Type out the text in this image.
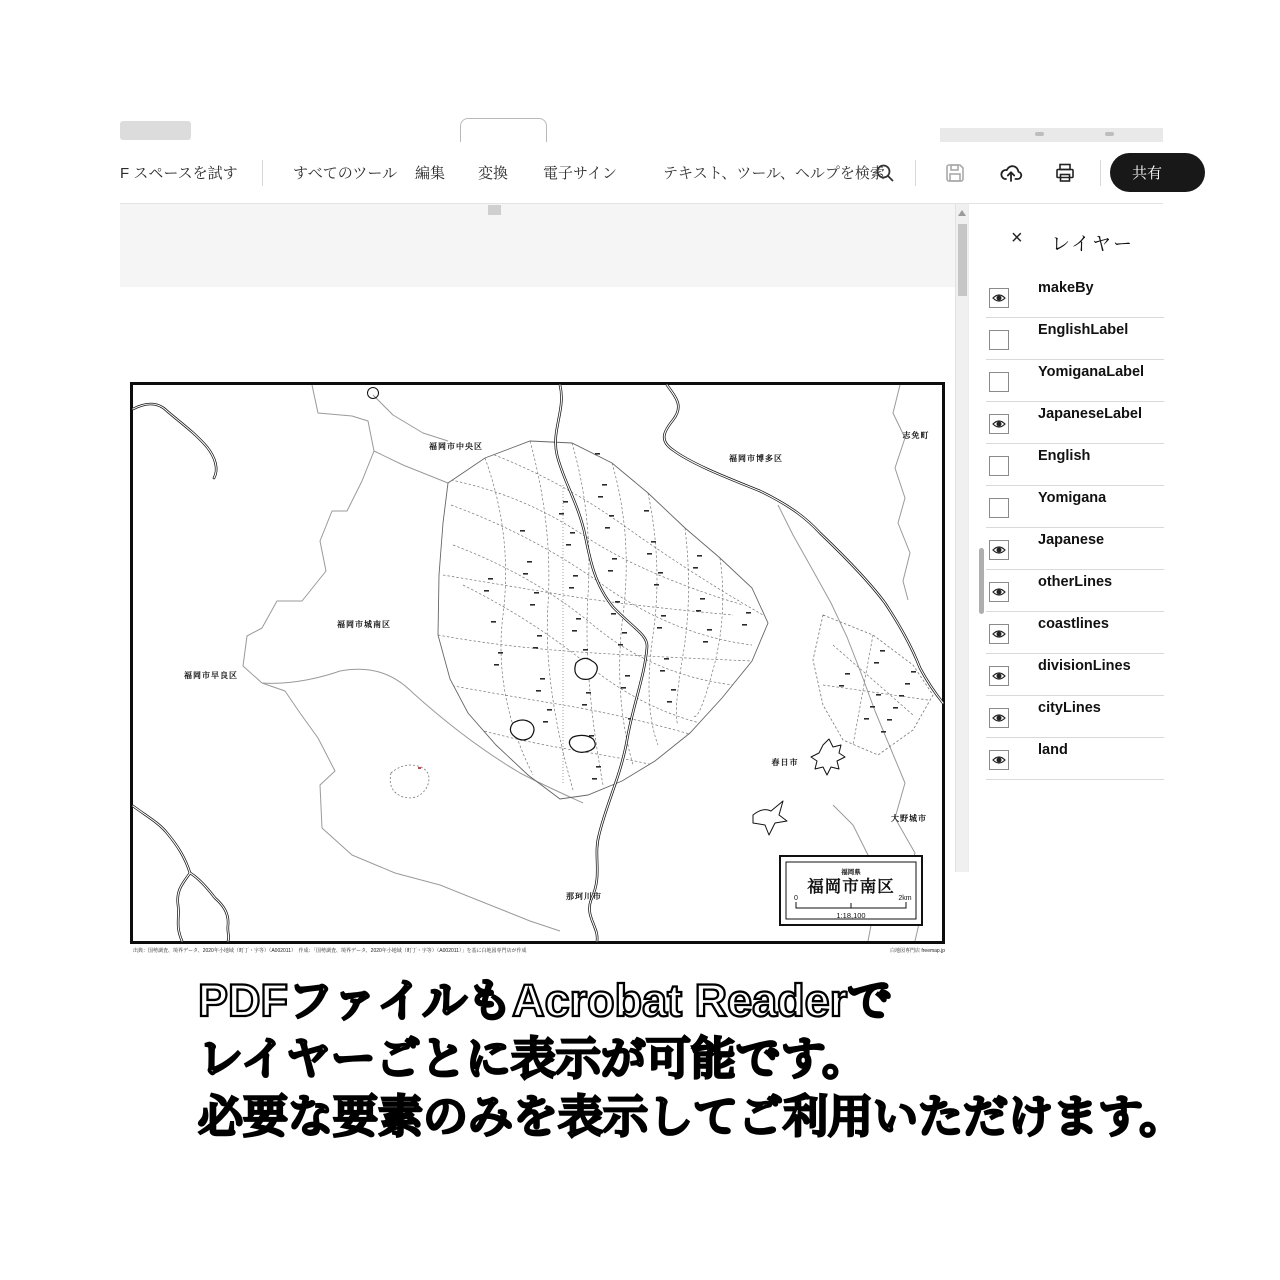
F スペースを試す	すべてのツール 編集 変換 電子サイン	テキスト、ツール、ヘルプを検索	共有
福岡市中央区
福岡市博多区
志免町
福岡市城南区
福岡市早良区
春日市
大野城市
那珂川市
福岡県
福岡市南区
0	2km
1:18,100
出典：国勢調査、境界データ、2020年小地域（町丁・字等）（A002011）　作成：「国勢調査、境界データ、2020年小地域（町丁・字等）（A002011）」を基に白地図専門店が作成	白地図専門店 freemap.jp
× レイヤー
makeBy
EnglishLabel
YomiganaLabel
JapaneseLabel
English
Yomigana
Japanese
otherLines
coastlines
divisionLines
cityLines
land
PDFファイルもAcrobat Readerで
レイヤーごとに表示が可能です。
必要な要素のみを表示してご利用いただけます。
